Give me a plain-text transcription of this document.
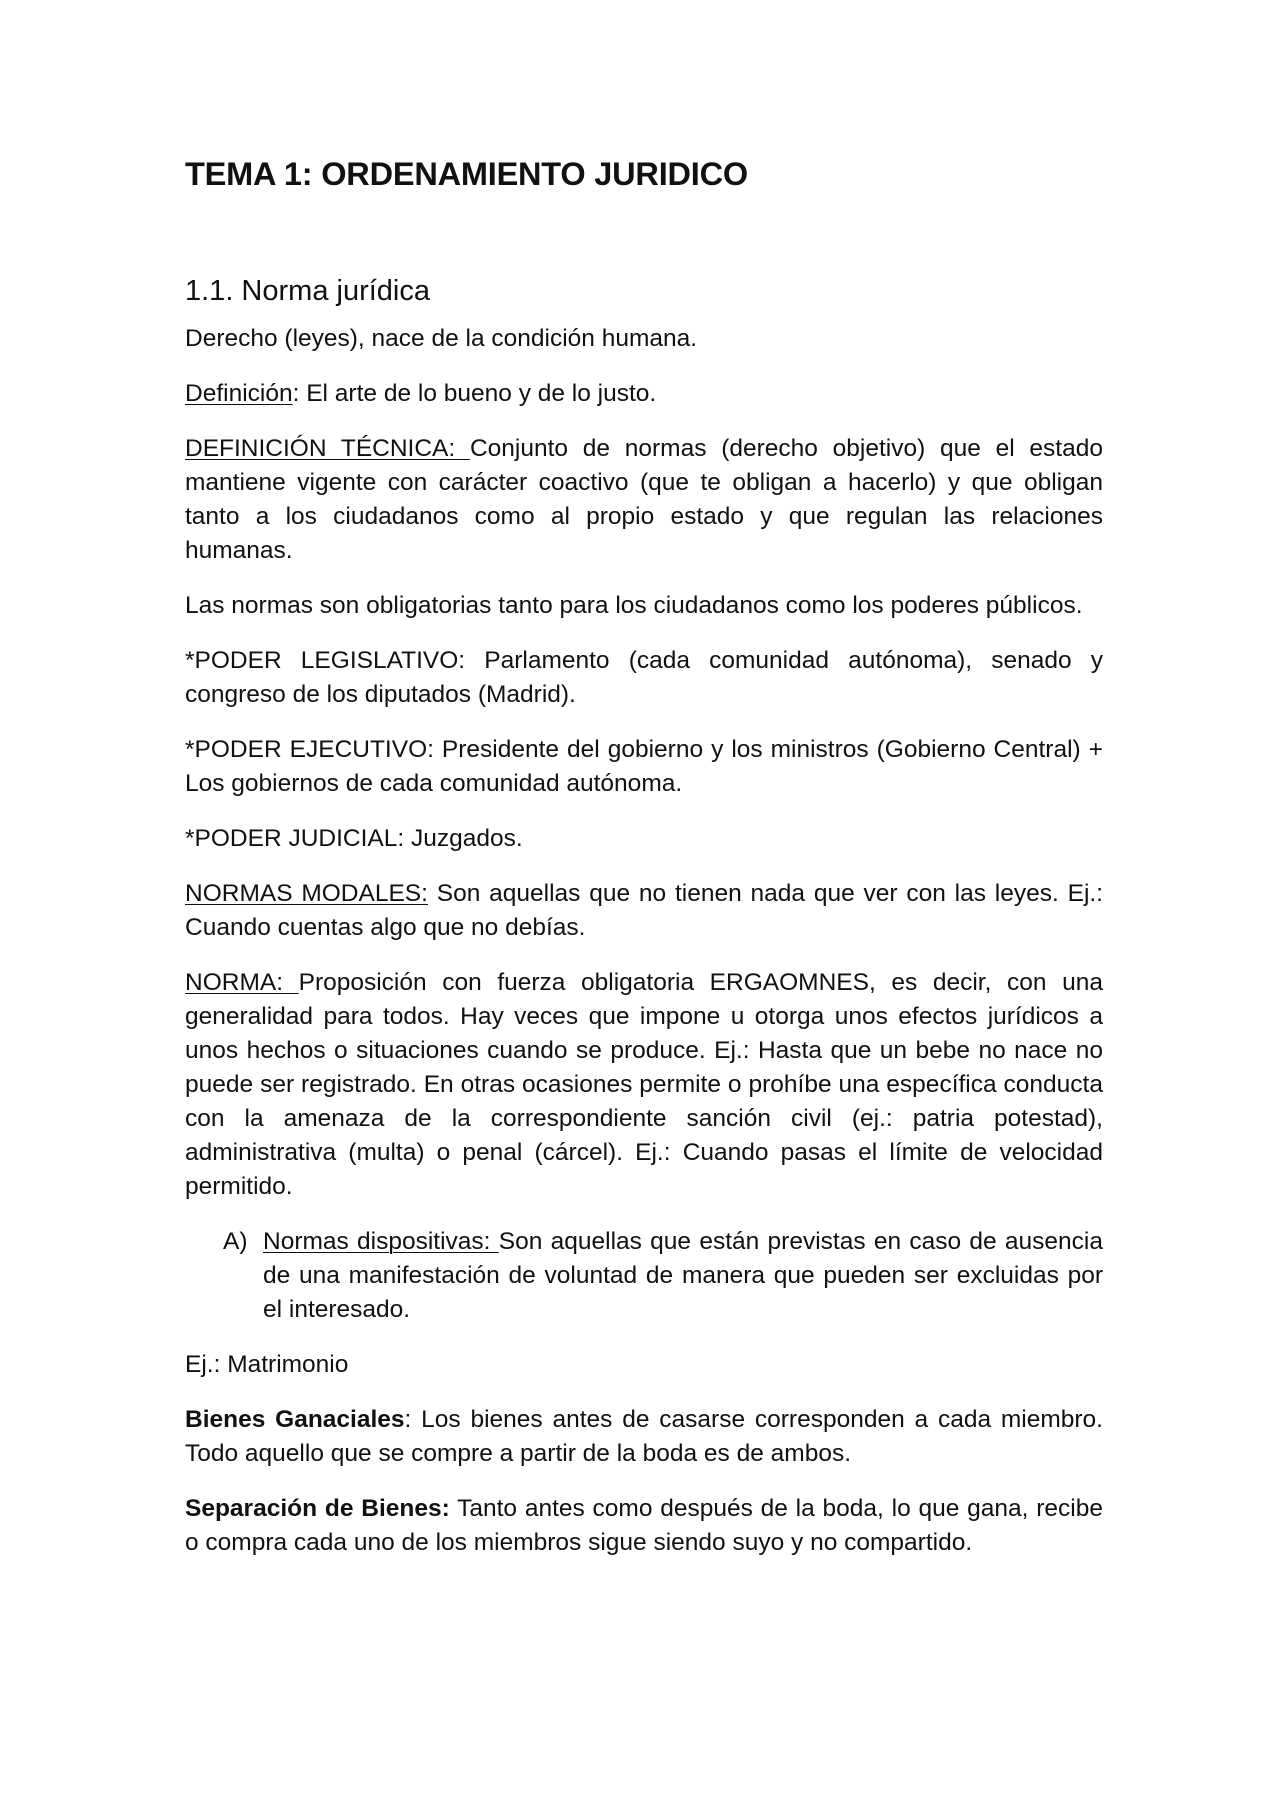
TEMA 1: ORDENAMIENTO JURIDICO
1.1. Norma jurídica

Derecho (leyes), nace de la condición humana.

Definición: El arte de lo bueno y de lo justo.

DEFINICIÓN TÉCNICA: Conjunto de normas (derecho objetivo) que el estado mantiene vigente con carácter coactivo (que te obligan a hacerlo) y que obligan tanto a los ciudadanos como al propio estado y que regulan las relaciones humanas.

Las normas son obligatorias tanto para los ciudadanos como los poderes públicos.

*PODER LEGISLATIVO: Parlamento (cada comunidad autónoma), senado y congreso de los diputados (Madrid).

*PODER EJECUTIVO: Presidente del gobierno y los ministros (Gobierno Central) + Los gobiernos de cada comunidad autónoma.

*PODER JUDICIAL: Juzgados.

NORMAS MODALES: Son aquellas que no tienen nada que ver con las leyes. Ej.: Cuando cuentas algo que no debías.

NORMA: Proposición con fuerza obligatoria ERGAOMNES, es decir, con una generalidad para todos. Hay veces que impone u otorga unos efectos jurídicos a unos hechos o situaciones cuando se produce. Ej.: Hasta que un bebe no nace no puede ser registrado. En otras ocasiones permite o prohíbe una específica conducta con la amenaza de la correspondiente sanción civil (ej.: patria potestad), administrativa (multa) o penal (cárcel). Ej.: Cuando pasas el límite de velocidad permitido.

A) Normas dispositivas: Son aquellas que están previstas en caso de ausencia de una manifestación de voluntad de manera que pueden ser excluidas por el interesado.

Ej.: Matrimonio

Bienes Ganaciales: Los bienes antes de casarse corresponden a cada miembro. Todo aquello que se compre a partir de la boda es de ambos.

Separación de Bienes: Tanto antes como después de la boda, lo que gana, recibe o compra cada uno de los miembros sigue siendo suyo y no compartido.
